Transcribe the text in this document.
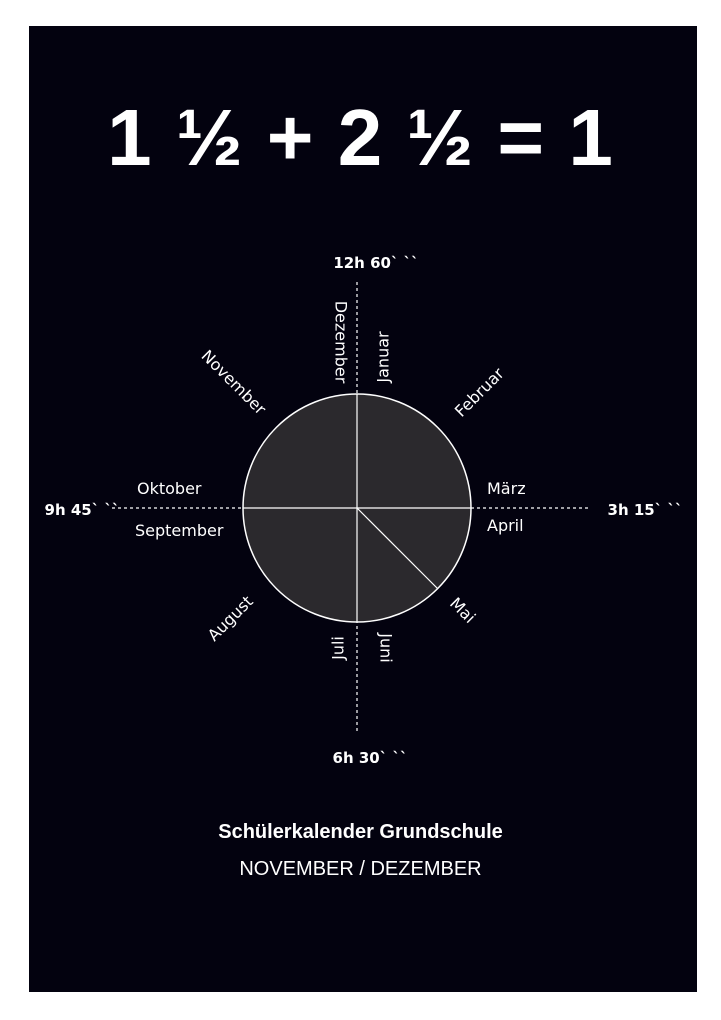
1 ½ + 2 ½ = 1
12h 60` ``
3h 15` ``
6h 30` ``
9h 45` ``
Dezember Januar
Februar
März
April
Mai
Juni
Juli
August
September
Oktober
November
Schülerkalender Grundschule
NOVEMBER / DEZEMBER
